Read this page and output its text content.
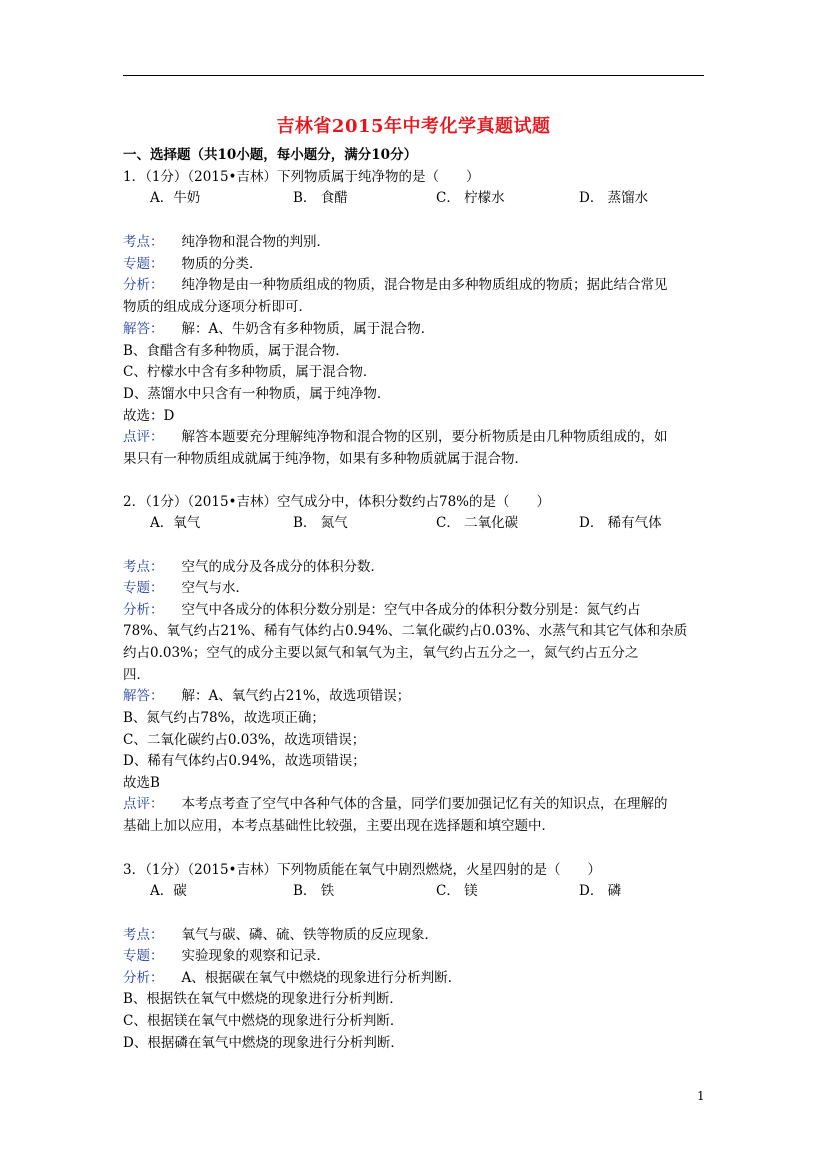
吉林省2015年中考化学真题试题
一、选择题（共10小题，每小题分，满分10分）
1．（1分）（2015•吉林）下列物质属于纯净物的是（　　）
A．牛奶	B． 食醋	C． 柠檬水	D． 蒸馏水
考点： 纯净物和混合物的判别．
专题： 物质的分类．
分析： 纯净物是由一种物质组成的物质，混合物是由多种物质组成的物质；据此结合常见
物质的组成成分逐项分析即可．
解答： 解：A、牛奶含有多种物质，属于混合物．
B、食醋含有多种物质，属于混合物．
C、柠檬水中含有多种物质，属于混合物．
D、蒸馏水中只含有一种物质，属于纯净物．
故选：D
点评： 解答本题要充分理解纯净物和混合物的区别，要分析物质是由几种物质组成的，如
果只有一种物质组成就属于纯净物，如果有多种物质就属于混合物．
2．（1分）（2015•吉林）空气成分中，体积分数约占78%的是（　　）
A．氧气	B． 氮气	C． 二氧化碳	D． 稀有气体
考点： 空气的成分及各成分的体积分数．
专题： 空气与水．
分析： 空气中各成分的体积分数分别是：空气中各成分的体积分数分别是：氮气约占
78%、氧气约占21%、稀有气体约占0.94%、二氧化碳约占0.03%、水蒸气和其它气体和杂质
约占0.03%；空气的成分主要以氮气和氧气为主，氧气约占五分之一，氮气约占五分之
四．
解答： 解：A、氧气约占21%，故选项错误；
B、氮气约占78%，故选项正确；
C、二氧化碳约占0.03%，故选项错误；
D、稀有气体约占0.94%，故选项错误；
故选B
点评： 本考点考查了空气中各种气体的含量，同学们要加强记忆有关的知识点，在理解的
基础上加以应用，本考点基础性比较强，主要出现在选择题和填空题中．
3．（1分）（2015•吉林）下列物质能在氧气中剧烈燃烧，火星四射的是（　　）
A．碳	B． 铁	C． 镁	D． 磷
考点： 氧气与碳、磷、硫、铁等物质的反应现象．
专题： 实验现象的观察和记录．
分析： A、根据碳在氧气中燃烧的现象进行分析判断．
B、根据铁在氧气中燃烧的现象进行分析判断．
C、根据镁在氧气中燃烧的现象进行分析判断．
D、根据磷在氧气中燃烧的现象进行分析判断．
1
